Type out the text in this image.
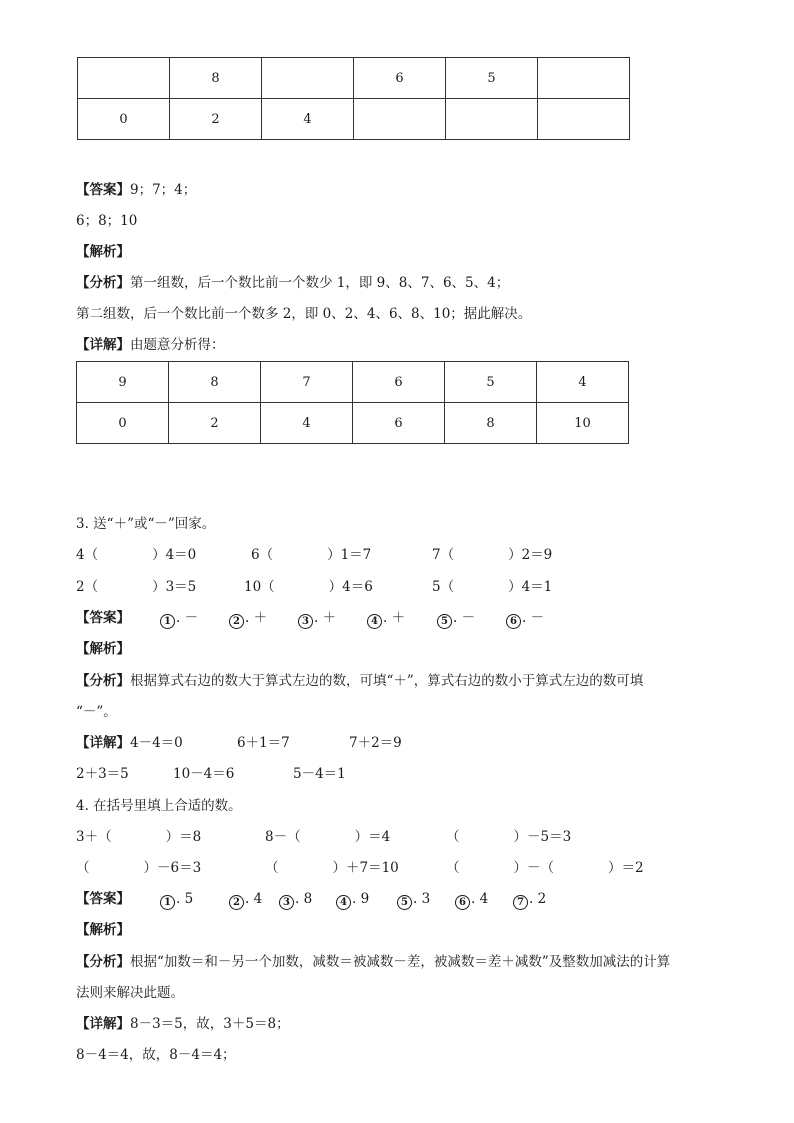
	8		6	5	
0	2	4			
【答案】9；7；4；
6；8；10
【解析】
【分析】第一组数，后一个数比前一个数少 1，即 9、8、7、6、5、4；
第二组数，后一个数比前一个数多 2，即 0、2、4、6、8、10；据此解决。
【详解】由题意分析得：
9	8	7	6	5	4
0	2	4	6	8	10
3. 送“＋”或“－”回家。
4（　　　　）4＝0	6（　　　　）1＝7	7（　　　　）2＝9
2（　　　　）3＝5	10（　　　　）4＝6	5（　　　　）4＝1
【答案】	1 . －	2 . ＋	3 . ＋	4 . ＋	5 . －	6 . －
【解析】
【分析】根据算式右边的数大于算式左边的数，可填“＋”，算式右边的数小于算式左边的数可填
“－”。
【详解】4－4＝0	6＋1＝7	7＋2＝9
2＋3＝5	10－4＝6	5－4＝1
4. 在括号里填上合适的数。
3＋（　　　　）＝8	8－（　　　　）＝4	（　　　　）－5＝3
（　　　　）－6＝3	（　　　　）＋7＝10	（　　　　）－（　　　　）＝2
【答案】	1 . 5	2 . 4	3 . 8	4 . 9	5 . 3	6 . 4	7 . 2
【解析】
【分析】根据“加数＝和－另一个加数，减数＝被减数－差，被减数＝差＋减数”及整数加减法的计算
法则来解决此题。
【详解】8－3＝5，故，3＋5＝8；
8－4＝4，故，8－4＝4；
